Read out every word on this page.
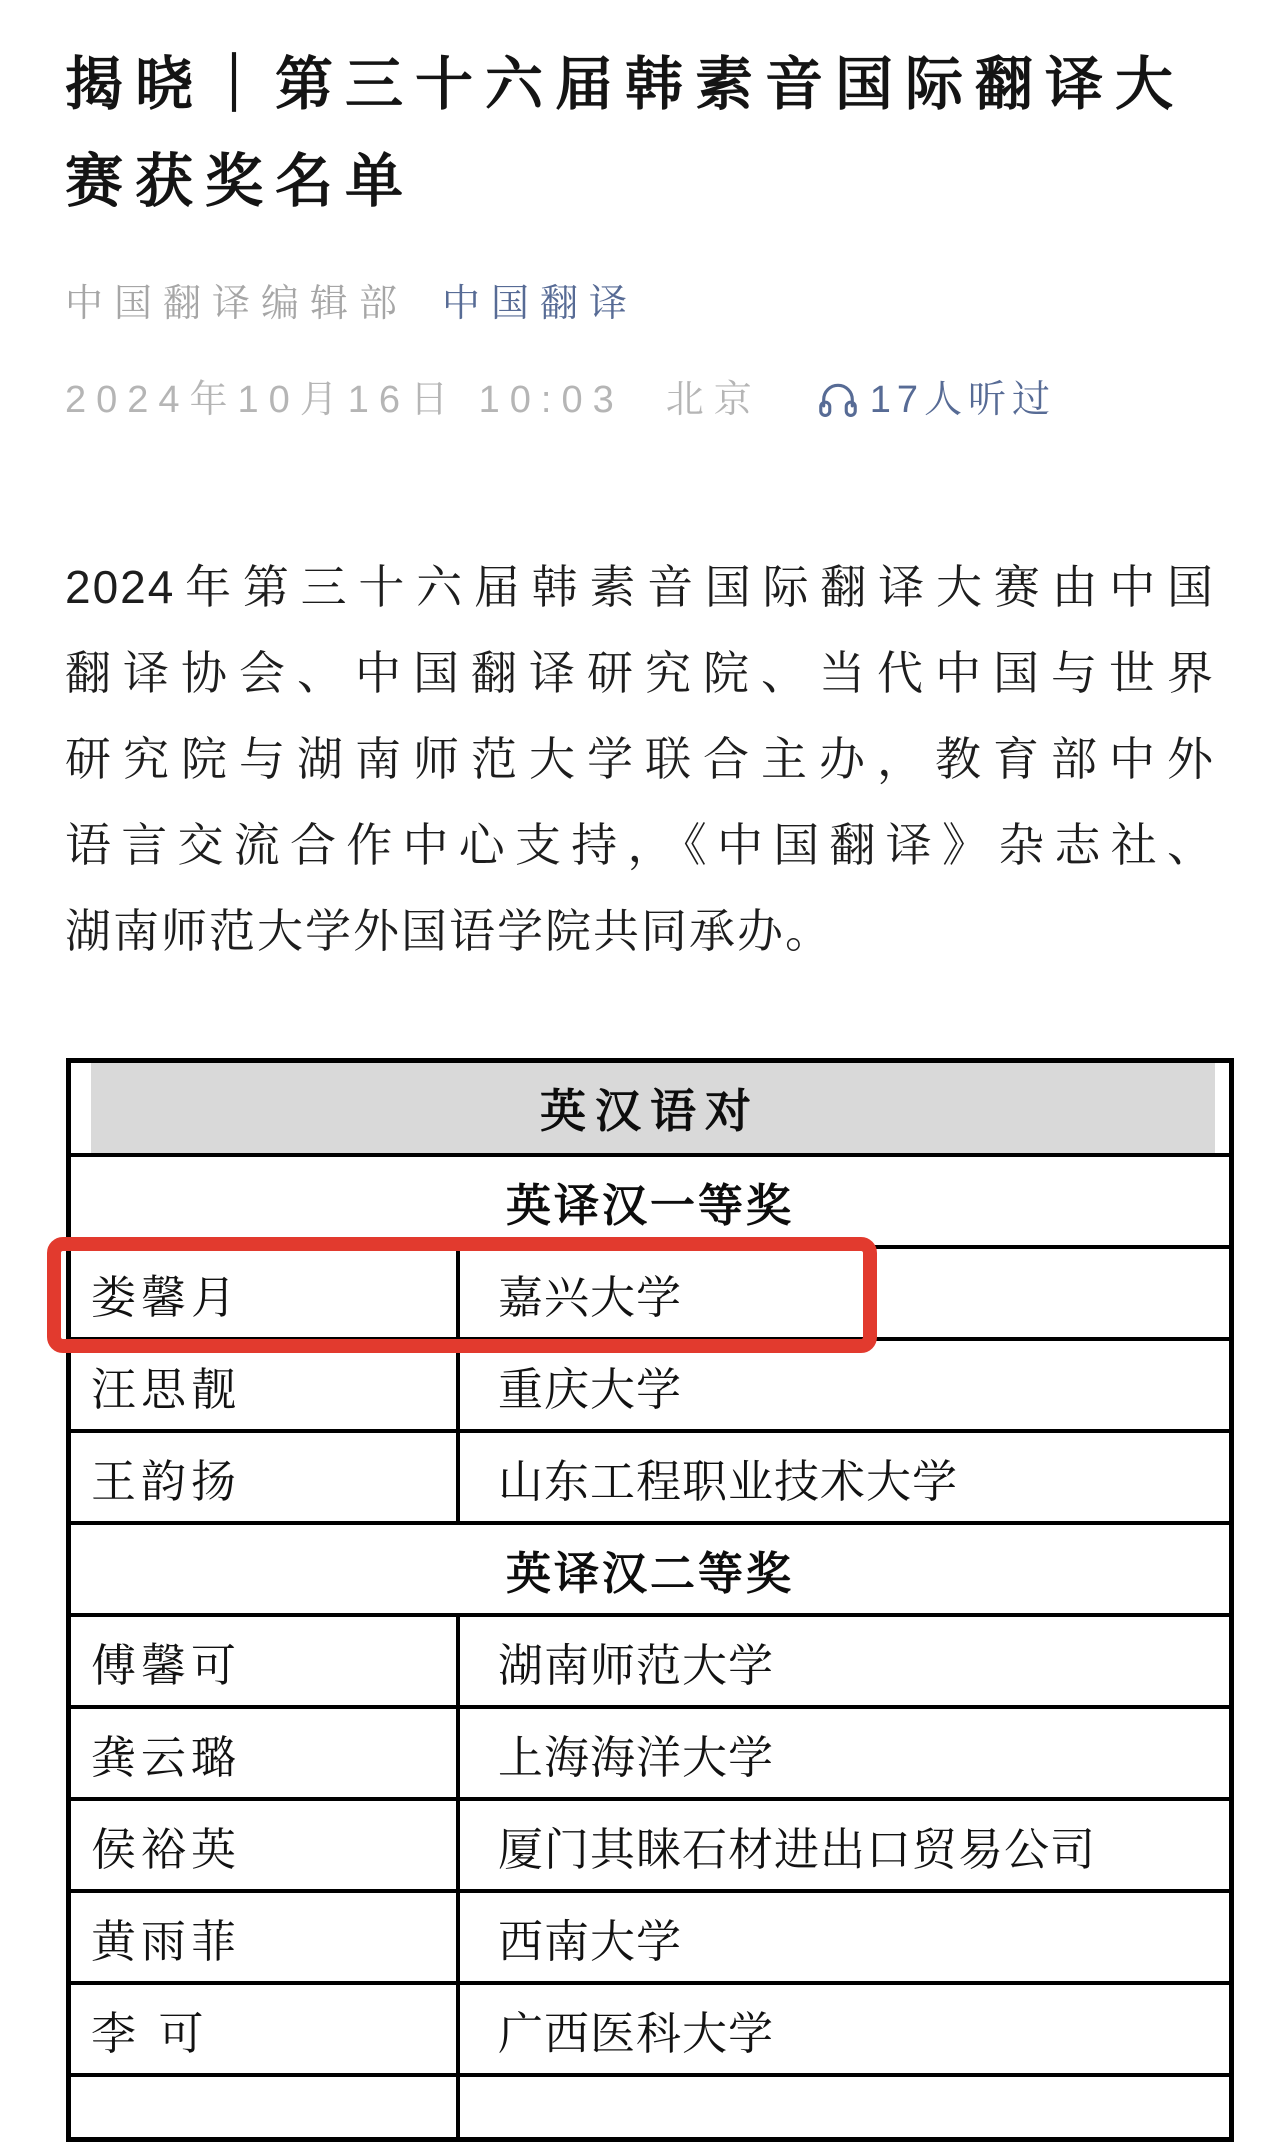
揭晓｜第三十六届韩素音国际翻译大
赛获奖名单
中国翻译编辑部 中国翻译
2024年10月16日 10:03 北京	17人听过
2024年第三十六届韩素音国际翻译大赛由中国
翻译协会、中国翻译研究院、当代中国与世界
研究院与湖南师范大学联合主办，教育部中外
语言交流合作中心支持，《中国翻译》杂志社、
湖南师范大学外国语学院共同承办。
英汉语对
英译汉一等奖
娄馨月	嘉兴大学
汪思靓	重庆大学
王韵扬	山东工程职业技术大学
英译汉二等奖
傅馨可	湖南师范大学
龚云璐	上海海洋大学
侯裕英	厦门其睐石材进出口贸易公司
黄雨菲	西南大学
李 可	广西医科大学
